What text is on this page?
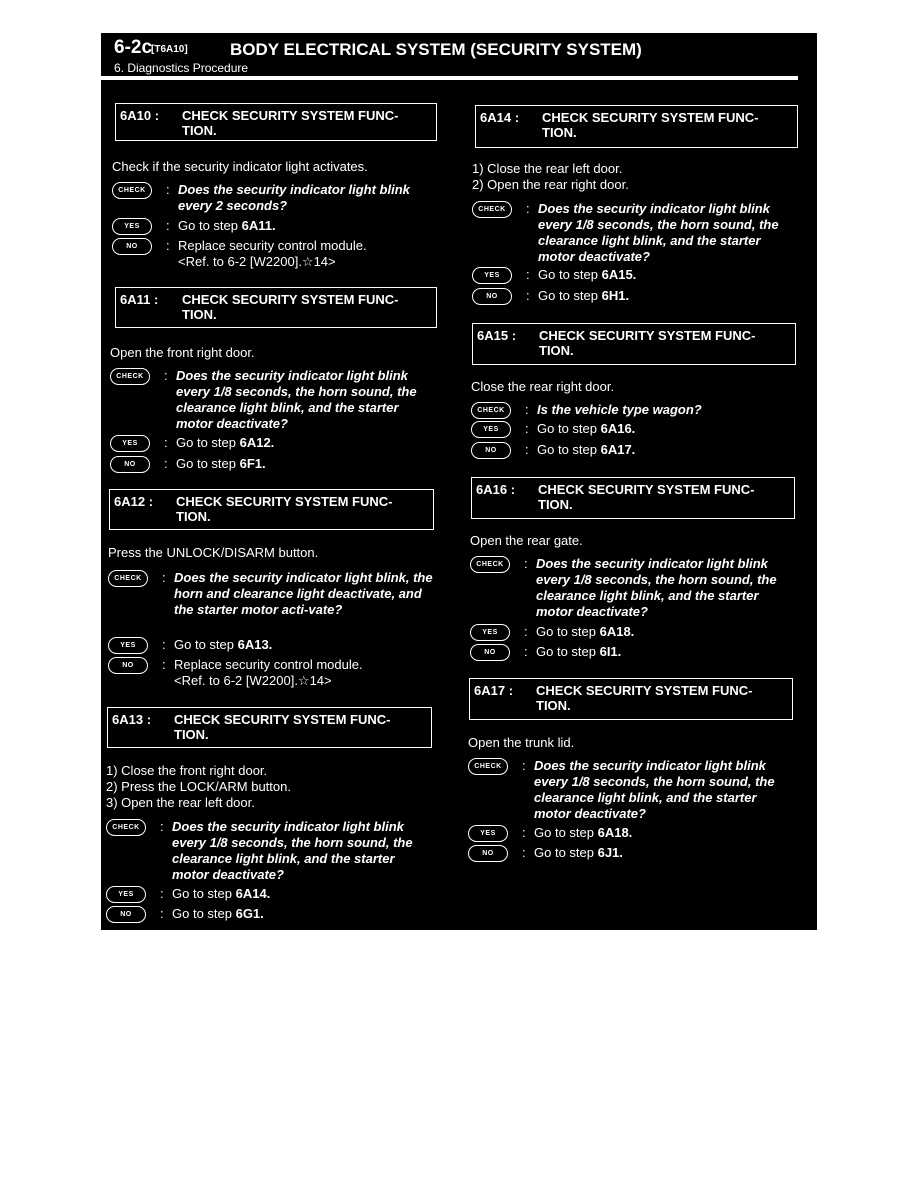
6-2c
[T6A10] BODY ELECTRICAL SYSTEM (SECURITY SYSTEM)
6. Diagnostics Procedure
6A10 : CHECK SECURITY SYSTEM FUNC-TION.
Check if the security indicator light activates.
CHECK	: Does the security indicator light blink every 2 seconds?
YES	: Go to step 6A11.
NO	: Replace security control module.
<Ref. to 6-2 [W2200].☆14>
6A11 : CHECK SECURITY SYSTEM FUNC-TION.
Open the front right door.
CHECK	: Does the security indicator light blink every 1/8 seconds, the horn sound, the clearance light blink, and the starter motor deactivate?
YES	: Go to step 6A12.
NO	: Go to step 6F1.
6A12 : CHECK SECURITY SYSTEM FUNC-TION.
Press the UNLOCK/DISARM button.
CHECK	: Does the security indicator light blink, the horn and clearance light deactivate, and the starter motor acti-vate?
YES	: Go to step 6A13.
NO	: Replace security control module.
<Ref. to 6-2 [W2200].☆14>
6A13 : CHECK SECURITY SYSTEM FUNC-TION.
1) Close the front right door.
2) Press the LOCK/ARM button.
3) Open the rear left door.
CHECK	: Does the security indicator light blink every 1/8 seconds, the horn sound, the clearance light blink, and the starter motor deactivate?
YES	: Go to step 6A14.
NO	: Go to step 6G1.
6A14 : CHECK SECURITY SYSTEM FUNC-TION.
1) Close the rear left door.
2) Open the rear right door.
CHECK	: Does the security indicator light blink every 1/8 seconds, the horn sound, the clearance light blink, and the starter motor deactivate?
YES	: Go to step 6A15.
NO	: Go to step 6H1.
6A15 : CHECK SECURITY SYSTEM FUNC-TION.
Close the rear right door.
CHECK	: Is the vehicle type wagon?
YES	: Go to step 6A16.
NO	: Go to step 6A17.
6A16 : CHECK SECURITY SYSTEM FUNC-TION.
Open the rear gate.
CHECK	: Does the security indicator light blink every 1/8 seconds, the horn sound, the clearance light blink, and the starter motor deactivate?
YES	: Go to step 6A18.
NO	: Go to step 6I1.
6A17 : CHECK SECURITY SYSTEM FUNC-TION.
Open the trunk lid.
CHECK	: Does the security indicator light blink every 1/8 seconds, the horn sound, the clearance light blink, and the starter motor deactivate?
YES	: Go to step 6A18.
NO	: Go to step 6J1.
